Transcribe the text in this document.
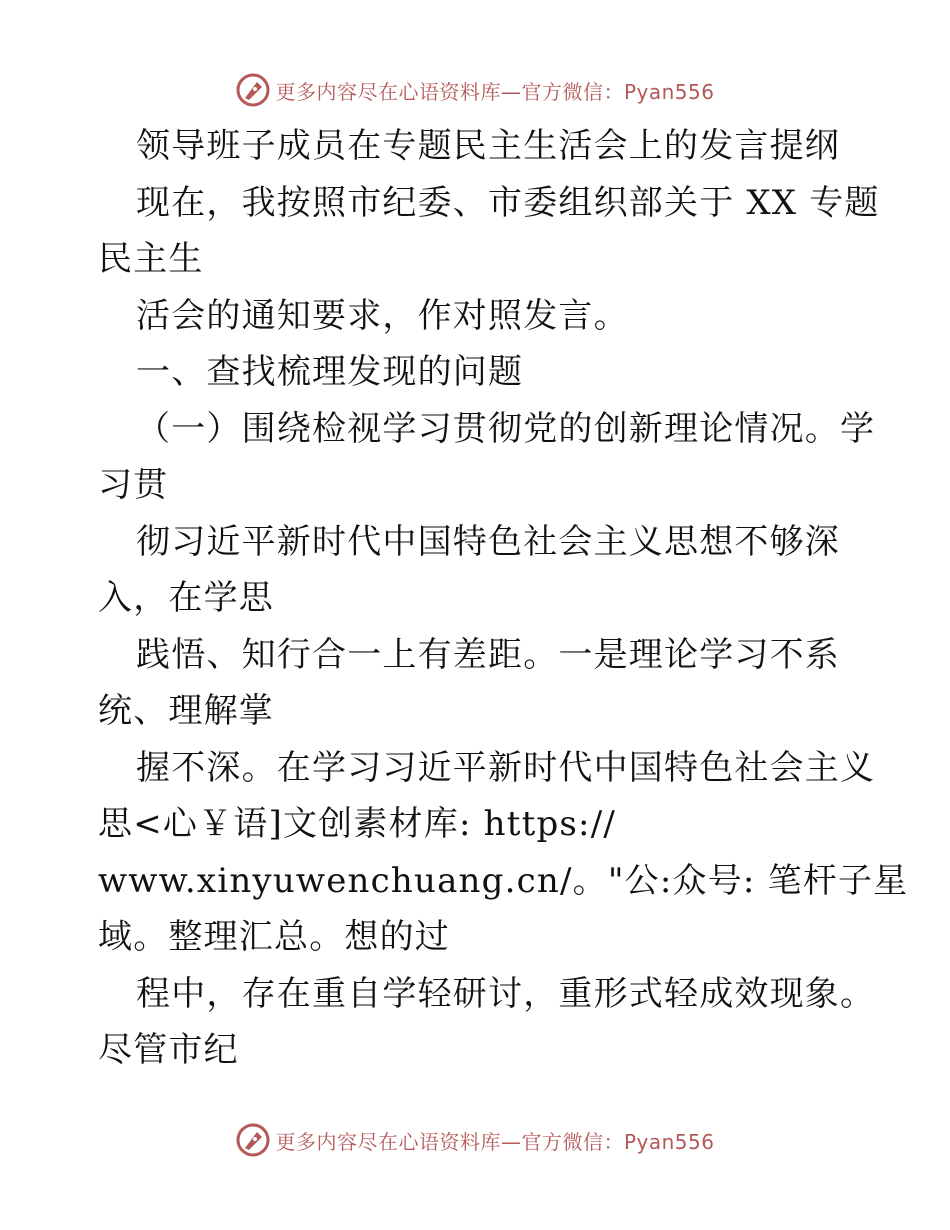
更多内容尽在心语资料库—官方微信：Pyan556
领导班子成员在专题民主生活会上的发言提纲
现在，我按照市纪委、市委组织部关于 XX 专题
民主生
活会的通知要求，作对照发言。
一、查找梳理发现的问题
（一）围绕检视学习贯彻党的创新理论情况。学
习贯
彻习近平新时代中国特色社会主义思想不够深
入，在学思
践悟、知行合一上有差距。一是理论学习不系
统、理解掌
握不深。在学习习近平新时代中国特色社会主义
思<心￥语]文创素材库: https://
www.xinyuwenchuang.cn/。"公:众号: 笔杆子星
域。整理汇总。想的过
程中，存在重自学轻研讨，重形式轻成效现象。
尽管市纪
更多内容尽在心语资料库—官方微信：Pyan556
